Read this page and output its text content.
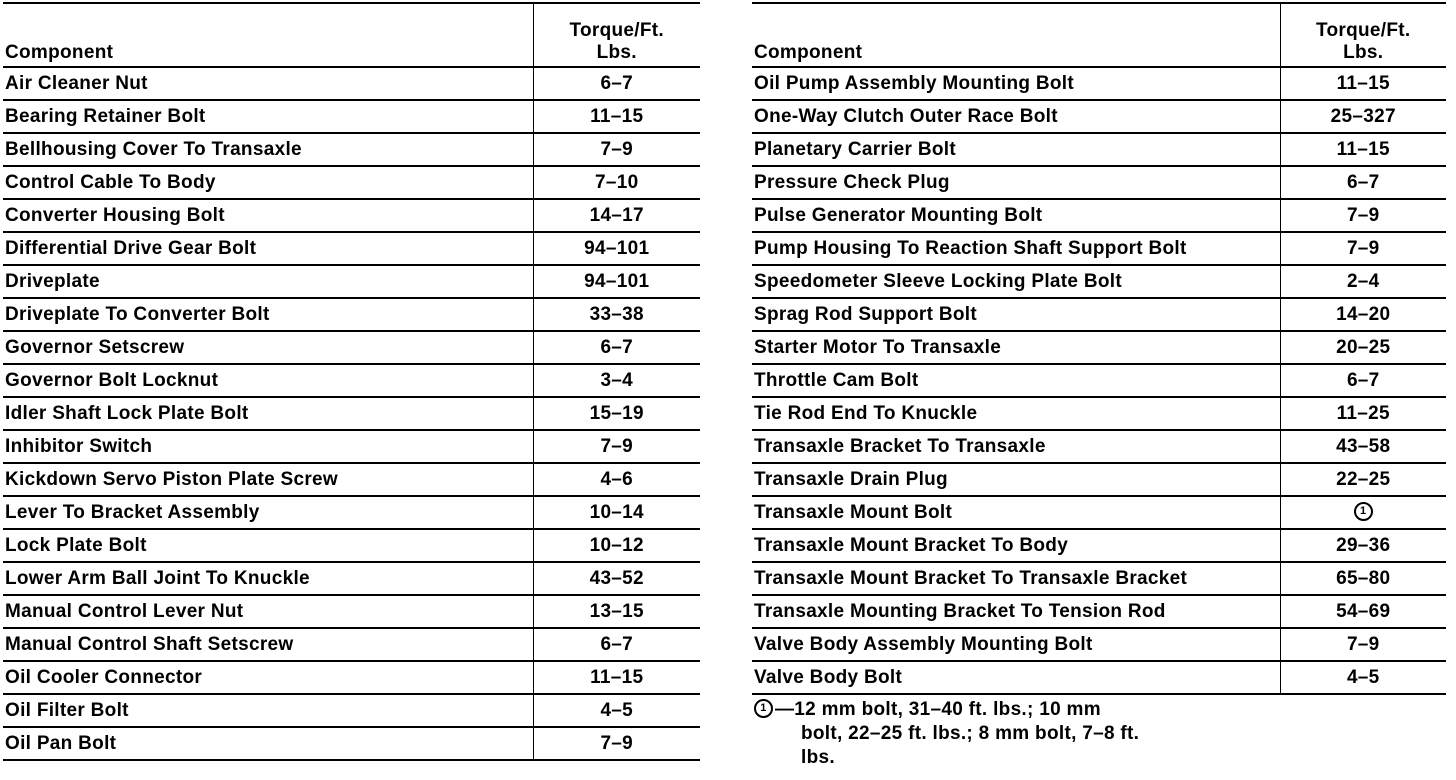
Component	Torque/Ft.
Lbs.
Air Cleaner Nut	6–7
Bearing Retainer Bolt	11–15
Bellhousing Cover To Transaxle	7–9
Control Cable To Body	7–10
Converter Housing Bolt	14–17
Differential Drive Gear Bolt	94–101
Driveplate	94–101
Driveplate To Converter Bolt	33–38
Governor Setscrew	6–7
Governor Bolt Locknut	3–4
Idler Shaft Lock Plate Bolt	15–19
Inhibitor Switch	7–9
Kickdown Servo Piston Plate Screw	4–6
Lever To Bracket Assembly	10–14
Lock Plate Bolt	10–12
Lower Arm Ball Joint To Knuckle	43–52
Manual Control Lever Nut	13–15
Manual Control Shaft Setscrew	6–7
Oil Cooler Connector	11–15
Oil Filter Bolt	4–5
Oil Pan Bolt	7–9
Component	Torque/Ft.
Lbs.
Oil Pump Assembly Mounting Bolt	11–15
One-Way Clutch Outer Race Bolt	25–327
Planetary Carrier Bolt	11–15
Pressure Check Plug	6–7
Pulse Generator Mounting Bolt	7–9
Pump Housing To Reaction Shaft Support Bolt	7–9
Speedometer Sleeve Locking Plate Bolt	2–4
Sprag Rod Support Bolt	14–20
Starter Motor To Transaxle	20–25
Throttle Cam Bolt	6–7
Tie Rod End To Knuckle	11–25
Transaxle Bracket To Transaxle	43–58
Transaxle Drain Plug	22–25
Transaxle Mount Bolt	1
Transaxle Mount Bracket To Body	29–36
Transaxle Mount Bracket To Transaxle Bracket	65–80
Transaxle Mounting Bracket To Tension Rod	54–69
Valve Body Assembly Mounting Bolt	7–9
Valve Body Bolt	4–5
1 —12 mm bolt, 31–40 ft. lbs.; 10 mm
bolt, 22–25 ft. lbs.; 8 mm bolt, 7–8 ft.
lbs.
